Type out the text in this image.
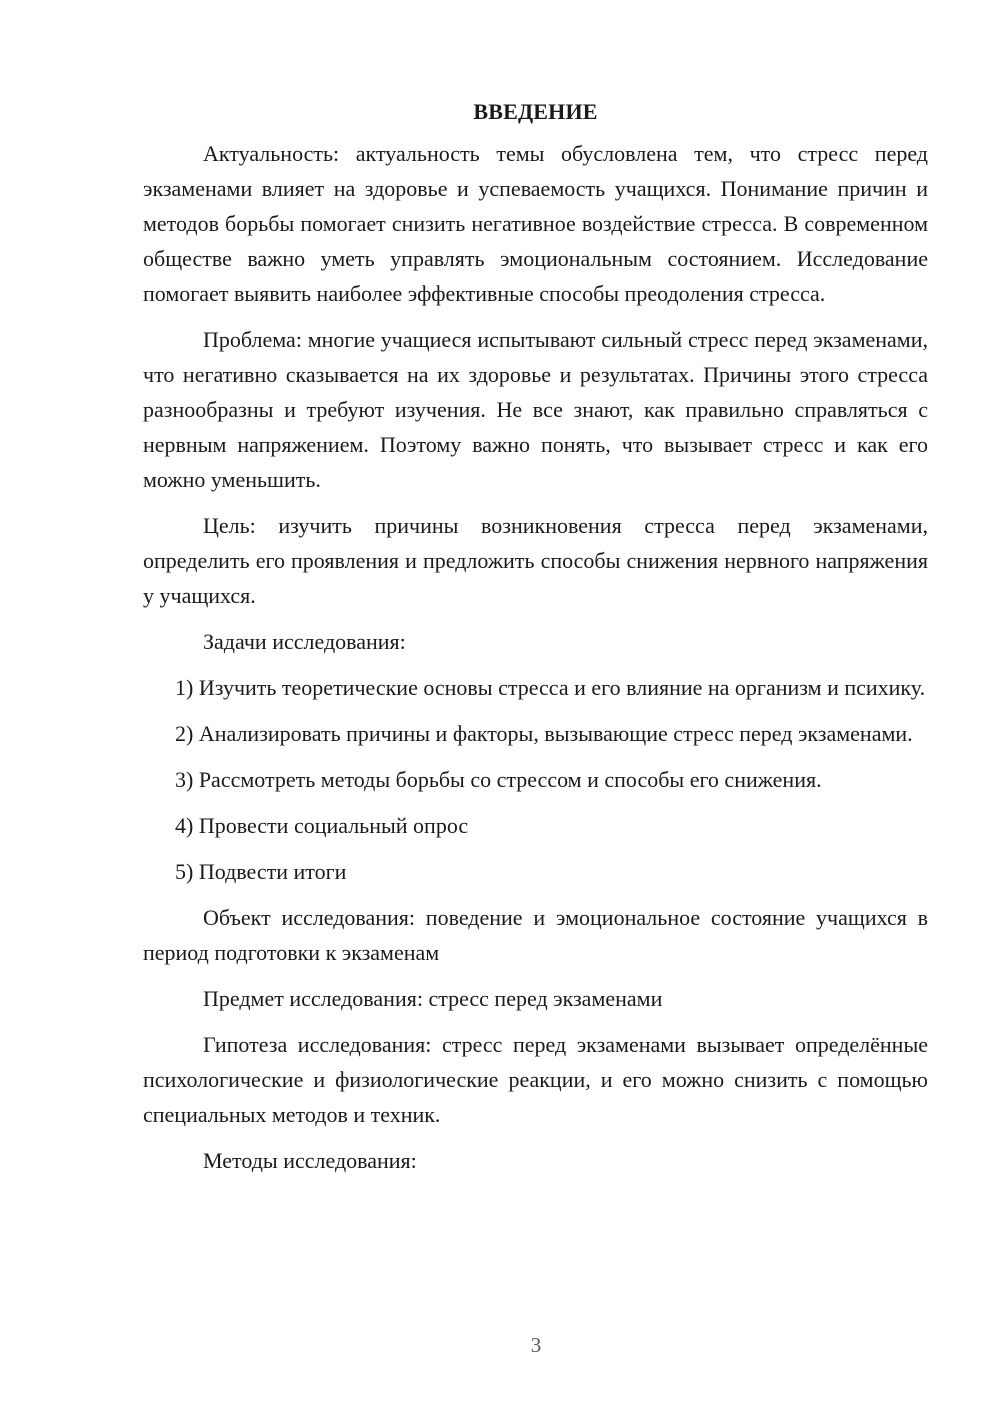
ВВЕДЕНИЕ

Актуальность: актуальность темы обусловлена тем, что стресс перед экзаменами влияет на здоровье и успеваемость учащихся. Понимание причин и методов борьбы помогает снизить негативное воздействие стресса. В современном обществе важно уметь управлять эмоциональным состоянием. Исследование помогает выявить наиболее эффективные способы преодоления стресса.

Проблема: многие учащиеся испытывают сильный стресс перед экзаменами, что негативно сказывается на их здоровье и результатах. Причины этого стресса разнообразны и требуют изучения. Не все знают, как правильно справляться с нервным напряжением. Поэтому важно понять, что вызывает стресс и как его можно уменьшить.

Цель: изучить причины возникновения стресса перед экзаменами, определить его проявления и предложить способы снижения нервного напряжения у учащихся.

Задачи исследования:

1) Изучить теоретические основы стресса и его влияние на организм и психику.

2) Анализировать причины и факторы, вызывающие стресс перед экзаменами.

3) Рассмотреть методы борьбы со стрессом и способы его снижения.

4) Провести социальный опрос

5) Подвести итоги

Объект исследования: поведение и эмоциональное состояние учащихся в период подготовки к экзаменам

Предмет исследования: стресс перед экзаменами

Гипотеза исследования: стресс перед экзаменами вызывает определённые психологические и физиологические реакции, и его можно снизить с помощью специальных методов и техник.

Методы исследования:

3
